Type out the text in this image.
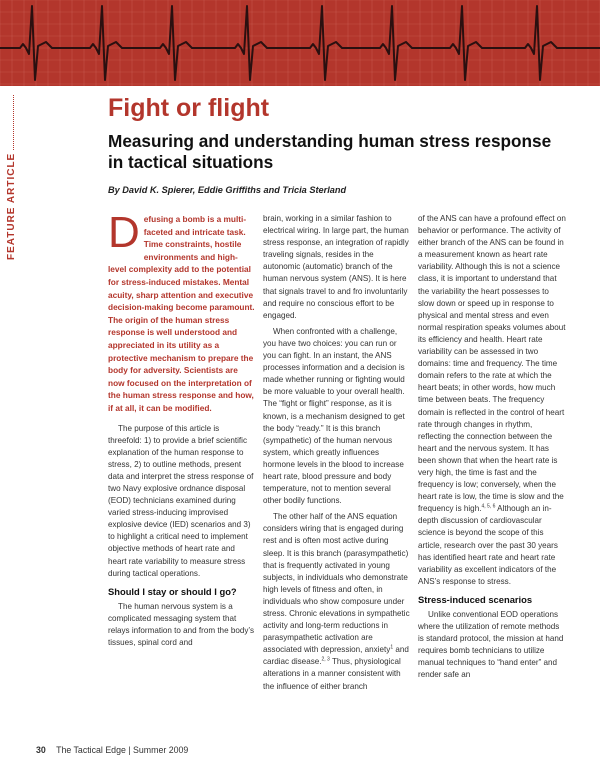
FEATURE ARTICLE
Fight or flight
Measuring and understanding human stress response in tactical situations
By David K. Spierer, Eddie Griffiths and Tricia Sterland

Defusing a bomb is a multi-faceted and intricate task. Time constraints, hostile environments and high-level complexity add to the potential for stress-induced mistakes. Mental acuity, sharp attention and executive decision-making become paramount. The origin of the human stress response is well understood and appreciated in its utility as a protective mechanism to prepare the body for adversity. Scientists are now focused on the interpretation of the human stress response and how, if at all, it can be modified.

The purpose of this article is threefold: 1) to provide a brief scientific explanation of the human response to stress, 2) to outline methods, present data and interpret the stress response of two Navy explosive ordnance disposal (EOD) technicians examined during varied stress-inducing improvised explosive device (IED) scenarios and 3) to highlight a critical need to implement objective methods of heart rate and heart rate variability to measure stress during tactical operations.

Should I stay or should I go?

The human nervous system is a complicated messaging system that relays information to and from the body’s tissues, spinal cord and

brain, working in a similar fashion to electrical wiring. In large part, the human stress response, an integration of rapidly traveling signals, resides in the autonomic (automatic) branch of the human nervous system (ANS). It is here that signals travel to and fro involuntarily and require no conscious effort to be engaged.

When confronted with a challenge, you have two choices: you can run or you can fight. In an instant, the ANS processes information and a decision is made whether running or fighting would be more valuable to your overall health. The “fight or flight” response, as it is known, is a mechanism designed to get the body “ready.” It is this branch (sympathetic) of the human nervous system, which greatly influences hormone levels in the blood to increase heart rate, blood pressure and body temperature, not to mention several other bodily functions.

The other half of the ANS equation considers wiring that is engaged during rest and is often most active during sleep. It is this branch (parasympathetic) that is frequently activated in young subjects, in individuals who demonstrate high levels of fitness and often, in individuals who show composure under stress. Chronic elevations in sympathetic activity and long-term reductions in parasympathetic activation are associated with depression, anxiety$^1$ and cardiac disease.$^{2, 3}$ Thus, physiological alterations in a manner consistent with the influence of either branch

of the ANS can have a profound effect on behavior or performance. The activity of either branch of the ANS can be found in a measurement known as heart rate variability. Although this is not a science class, it is important to understand that the variability the heart possesses to slow down or speed up in response to physical and mental stress and even normal respiration speaks volumes about its efficiency and health. Heart rate variability can be assessed in two domains: time and frequency. The time domain refers to the rate at which the heart beats; in other words, how much time between beats. The frequency domain is reflected in the control of heart rate through changes in rhythm, reflecting the connection between the heart and the nervous system. It has been shown that when the heart rate is very high, the time is fast and the frequency is low; conversely, when the heart rate is low, the time is slow and the frequency is high.$^{4, 5, 6}$ Although an in-depth discussion of cardiovascular science is beyond the scope of this article, research over the past 30 years has identified heart rate and heart rate variability as excellent indicators of the ANS’s response to stress.

Stress-induced scenarios

Unlike conventional EOD operations where the utilization of remote methods is standard protocol, the mission at hand requires bomb technicians to utilize manual techniques to “hand enter” and render safe an

30 The Tactical Edge | Summer 2009
